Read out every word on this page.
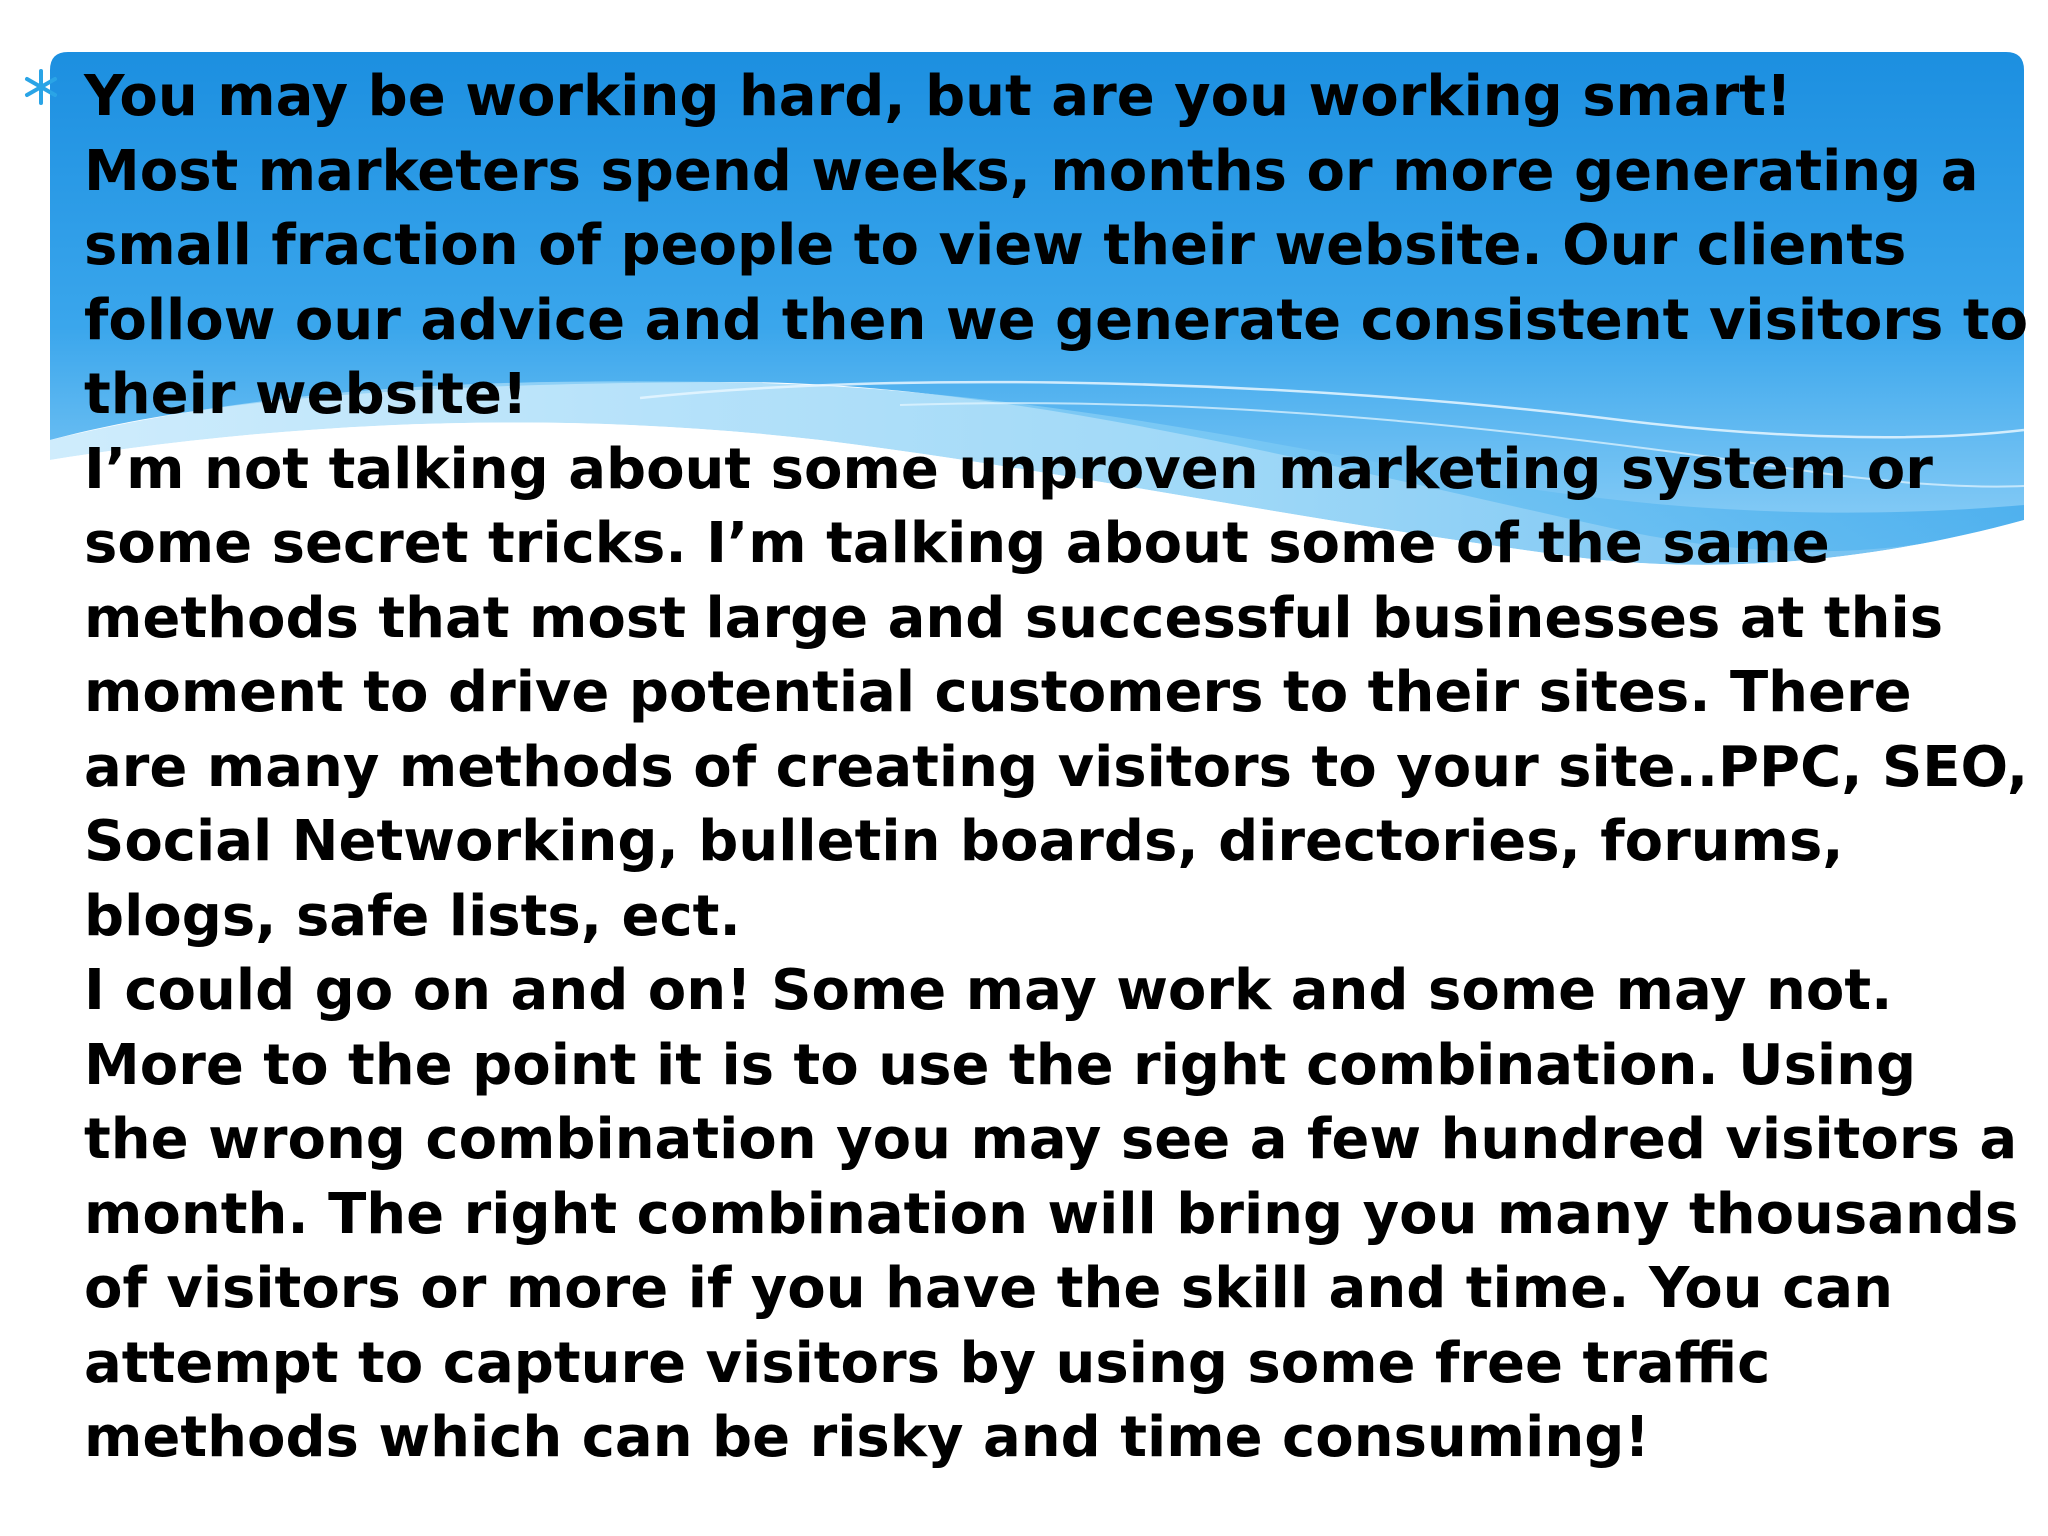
You may be working hard, but are you working smart!

Most marketers spend weeks, months or more generating a small fraction of people to view their website. Our clients follow our advice and then we generate consistent visitors to their website!

I’m not talking about some unproven marketing system or some secret tricks. I’m talking about some of the same methods that most large and successful businesses at this moment to drive potential customers to their sites. There are many methods of creating visitors to your site..PPC, SEO, Social Networking, bulletin boards, directories, forums, blogs, safe lists, ect.

I could go on and on! Some may work and some may not. More to the point it is to use the right combination. Using the wrong combination you may see a few hundred visitors a month. The right combination will bring you many thousands of visitors or more if you have the skill and time. You can attempt to capture visitors by using some free traffic methods which can be risky and time consuming!
